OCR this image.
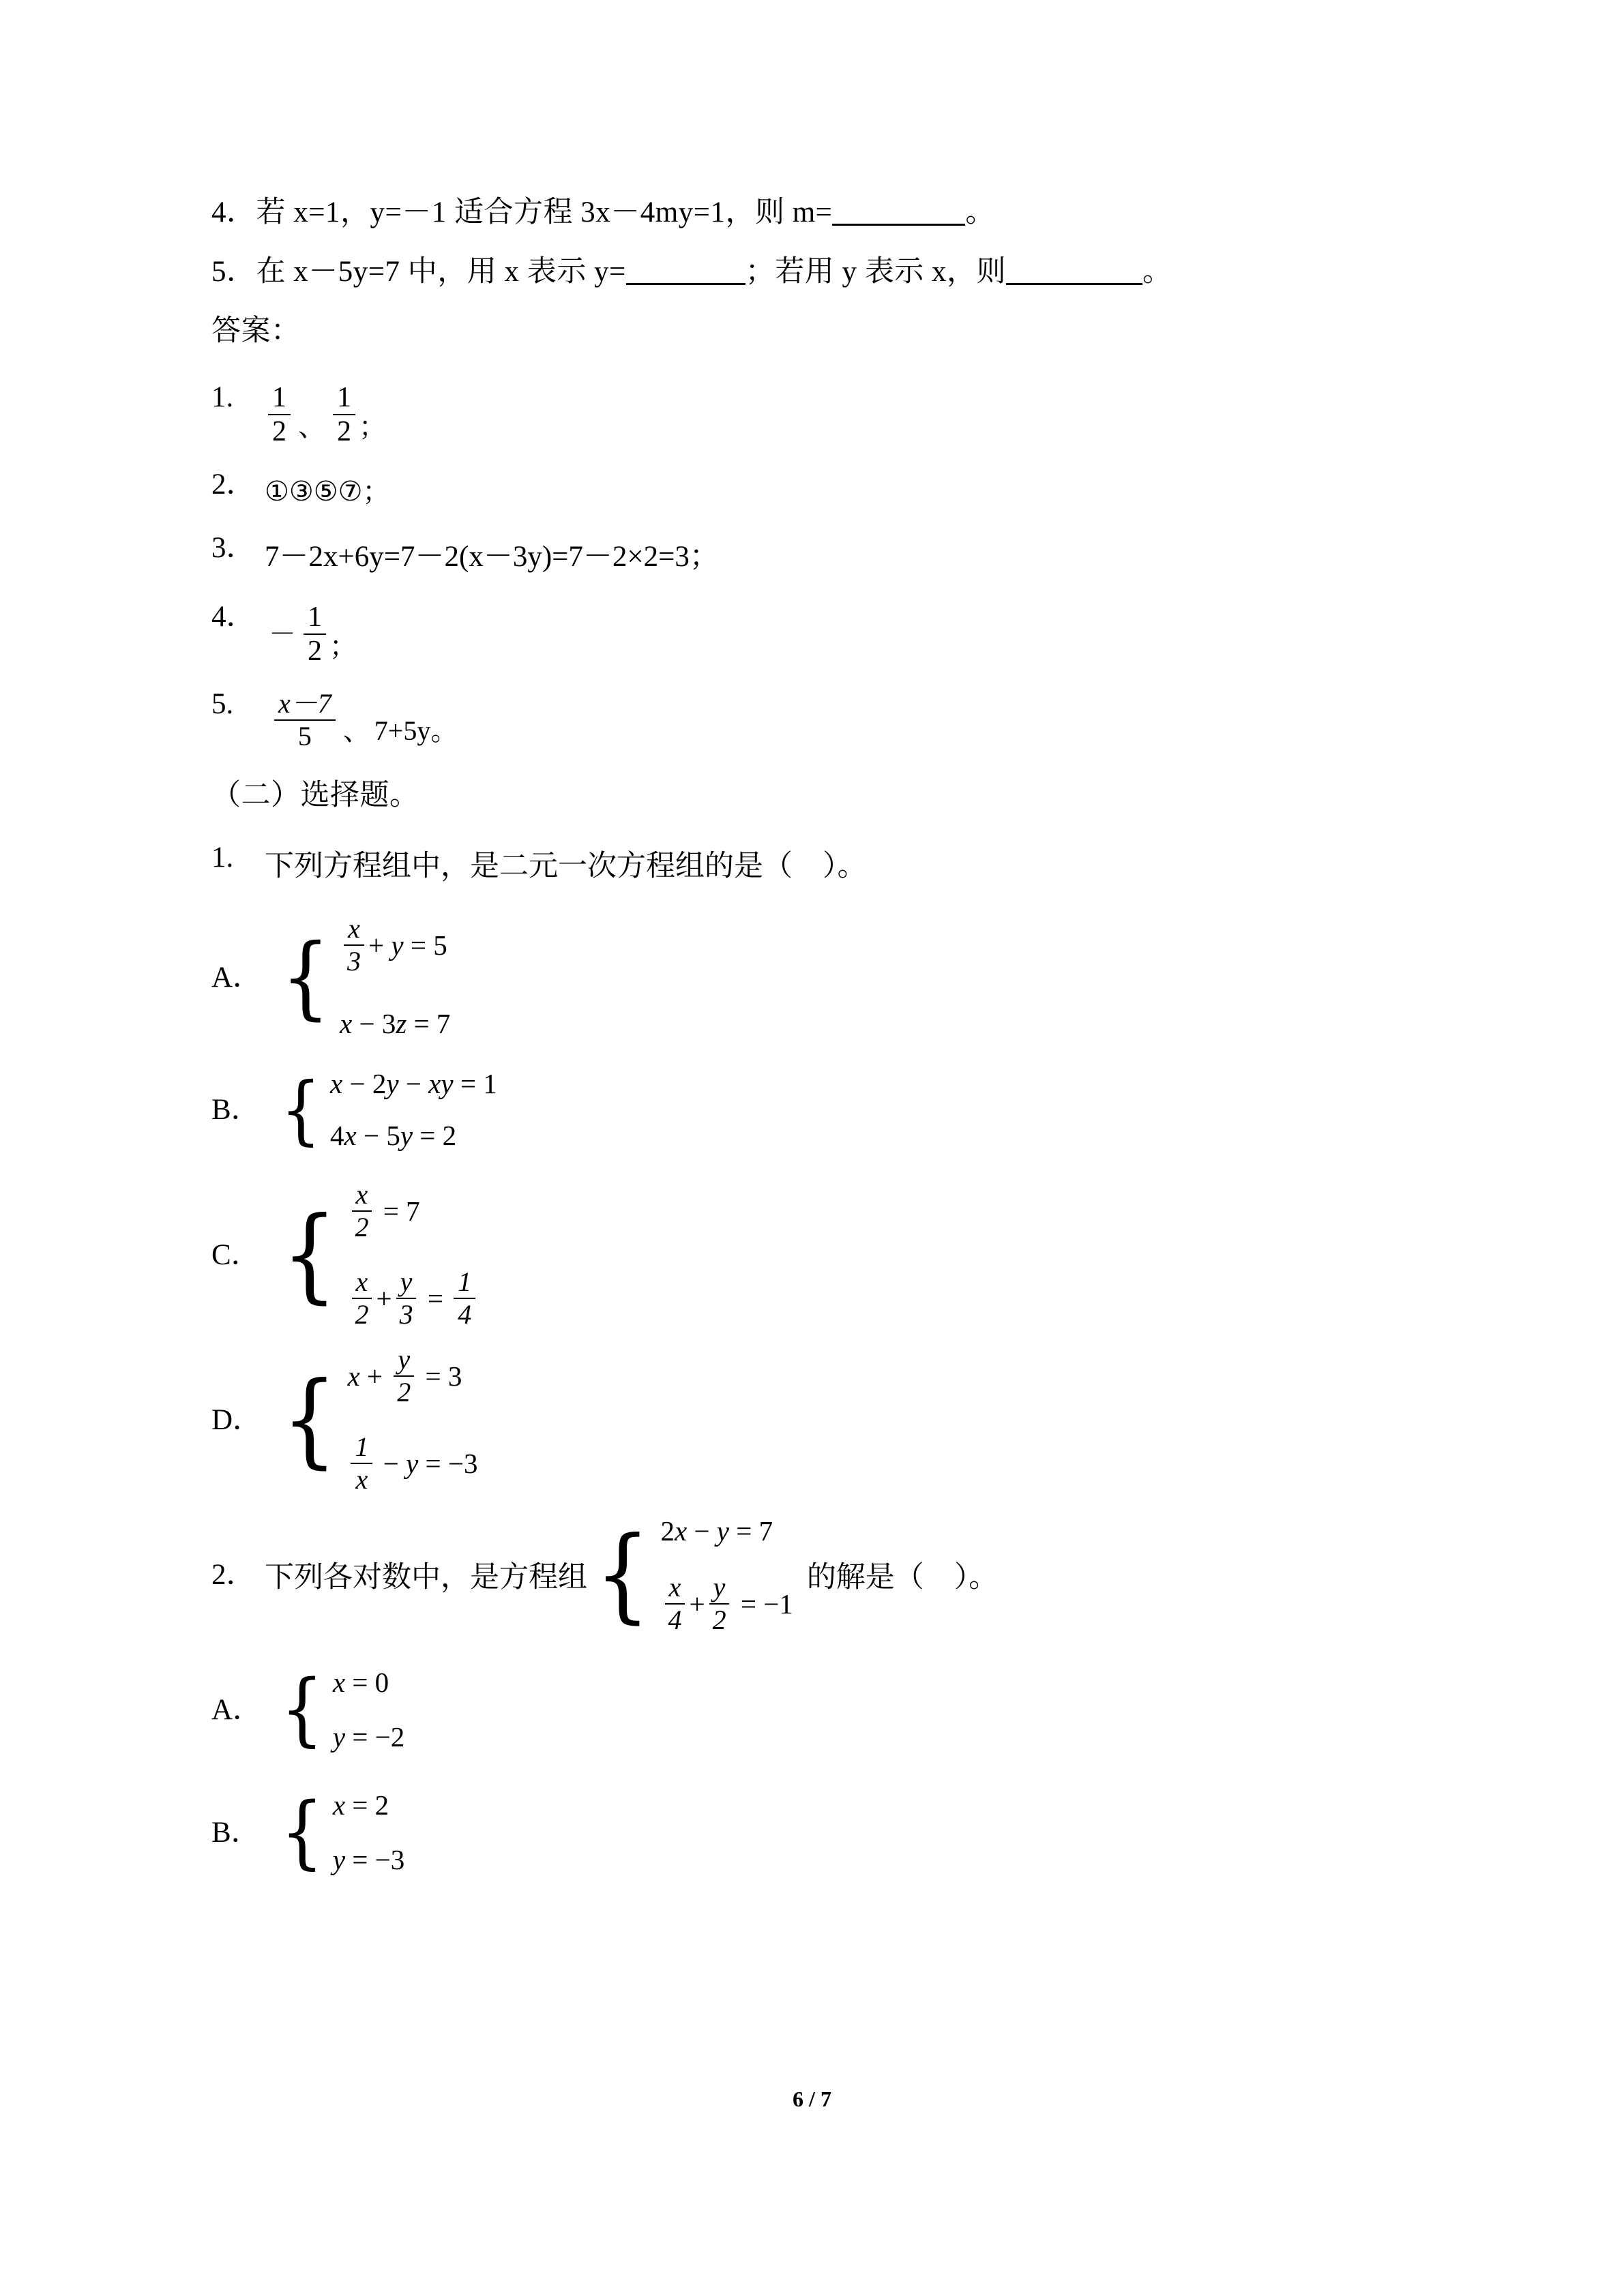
4．若 x=1，y=－1 适合方程 3x－4my=1，则 m=	。
5．在 x－5y=7 中，用 x 表示 y=	；若用 y 表示 x，则	。
答案：
1.	$\frac{1}{2}$ 、 $\frac{1}{2}$ ；
2． ①③⑤⑦；
3． 7－2x+6y=7－2(x－3y)=7－2×2=3；
4．
－ $\frac{1}{2}$ ；
5.	$\frac{x-7}{5}$ 、 7+5y。
（二）选择题。
1.	下列方程组中，是二元一次方程组的是（ ）。
A． { $\frac{x}{3} + y = 5$
x − 3 z = 7
B． { x − 2 y − xy = 1
4 x − 5 y = 2
C． { $\frac{x}{2} = 7$
$\frac{x}{2} + \frac{y}{3} = \frac{1}{4}$
D． { $x + \frac{y}{2} = 3$
$\frac{1}{x} - y = -3$
2． 下列各对数中，是方程组 { 2 x − y = 7
$\frac{x}{4} + \frac{y}{2} = -1$
的解是（ ）。
A． { x = 0
y = −2
B． { x = 2
y = −3
6 / 7
